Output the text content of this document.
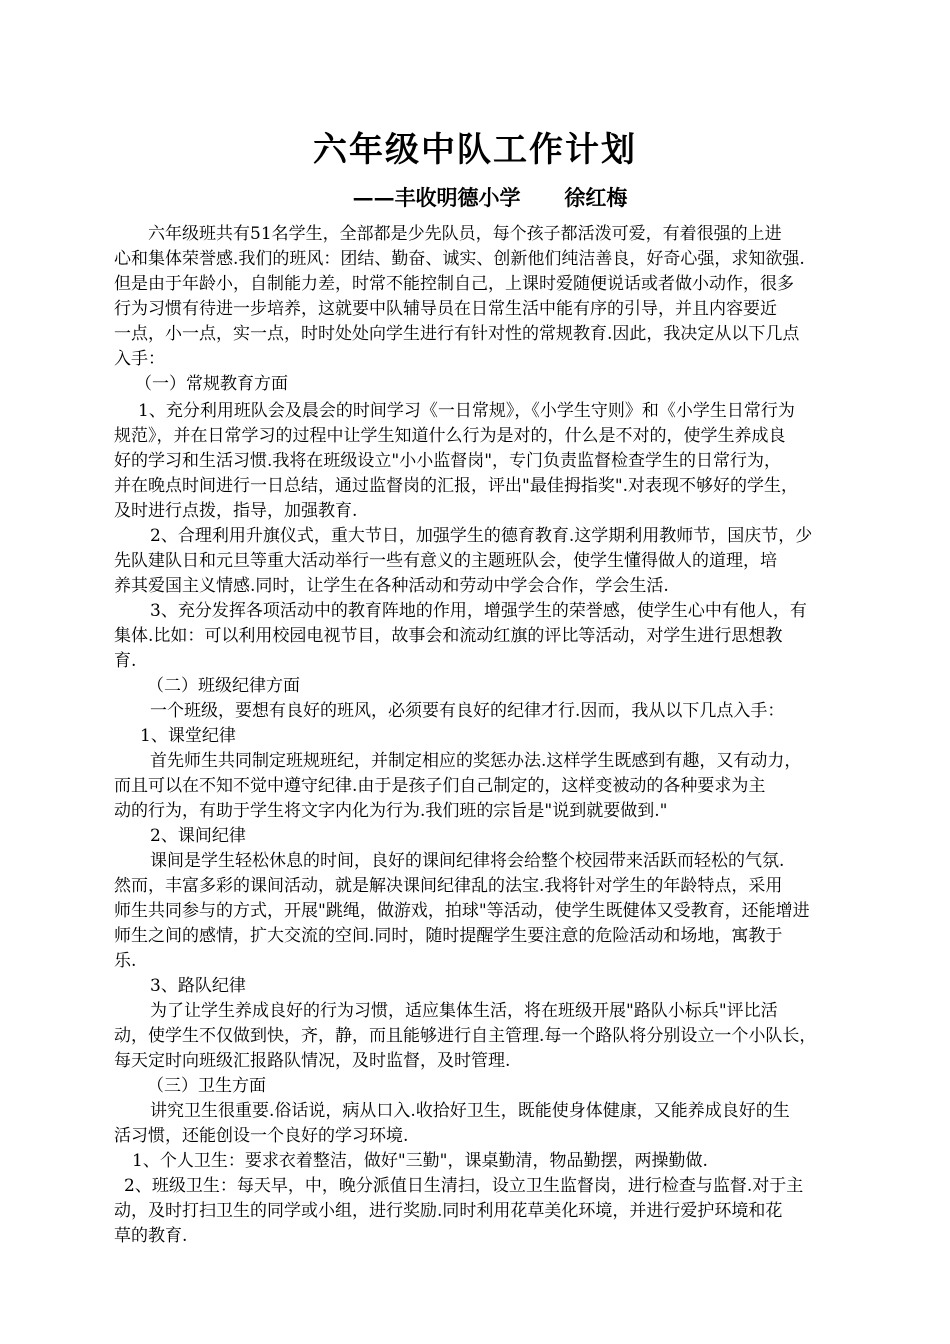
六年级中队工作计划
——丰收明德小学      徐红梅
六年级班共有51名学生，全部都是少先队员，每个孩子都活泼可爱，有着很强的上进
心和集体荣誉感.我们的班风：团结、勤奋、诚实、创新他们纯洁善良，好奇心强，求知欲强.
但是由于年龄小，自制能力差，时常不能控制自己，上课时爱随便说话或者做小动作，很多
行为习惯有待进一步培养，这就要中队辅导员在日常生活中能有序的引导，并且内容要近
一点，小一点，实一点，时时处处向学生进行有针对性的常规教育.因此，我决定从以下几点
入手：
（一）常规教育方面
1、充分利用班队会及晨会的时间学习《一日常规》，《小学生守则》和《小学生日常行为
规范》，并在日常学习的过程中让学生知道什么行为是对的，什么是不对的，使学生养成良
好的学习和生活习惯.我将在班级设立"小小监督岗"，专门负责监督检查学生的日常行为，
并在晚点时间进行一日总结，通过监督岗的汇报，评出"最佳拇指奖".对表现不够好的学生，
及时进行点拨，指导，加强教育.
2、合理利用升旗仪式，重大节日，加强学生的德育教育.这学期利用教师节，国庆节，少
先队建队日和元旦等重大活动举行一些有意义的主题班队会，使学生懂得做人的道理，培
养其爱国主义情感.同时，让学生在各种活动和劳动中学会合作，学会生活.
3、充分发挥各项活动中的教育阵地的作用，增强学生的荣誉感，使学生心中有他人，有
集体.比如：可以利用校园电视节目，故事会和流动红旗的评比等活动，对学生进行思想教
育.
（二）班级纪律方面
一个班级，要想有良好的班风，必须要有良好的纪律才行.因而，我从以下几点入手：
1、课堂纪律
首先师生共同制定班规班纪，并制定相应的奖惩办法.这样学生既感到有趣，又有动力，
而且可以在不知不觉中遵守纪律.由于是孩子们自己制定的，这样变被动的各种要求为主
动的行为，有助于学生将文字内化为行为.我们班的宗旨是"说到就要做到."
2、课间纪律
课间是学生轻松休息的时间，良好的课间纪律将会给整个校园带来活跃而轻松的气氛.
然而，丰富多彩的课间活动，就是解决课间纪律乱的法宝.我将针对学生的年龄特点，采用
师生共同参与的方式，开展"跳绳，做游戏，拍球"等活动，使学生既健体又受教育，还能增进
师生之间的感情，扩大交流的空间.同时，随时提醒学生要注意的危险活动和场地，寓教于
乐.
3、路队纪律
为了让学生养成良好的行为习惯，适应集体生活，将在班级开展"路队小标兵"评比活
动，使学生不仅做到快，齐，静，而且能够进行自主管理.每一个路队将分别设立一个小队长，
每天定时向班级汇报路队情况，及时监督，及时管理.
（三）卫生方面
讲究卫生很重要.俗话说，病从口入.收拾好卫生，既能使身体健康，又能养成良好的生
活习惯，还能创设一个良好的学习环境.
1、个人卫生：要求衣着整洁，做好"三勤"，课桌勤清，物品勤摆，两操勤做.
2、班级卫生：每天早，中，晚分派值日生清扫，设立卫生监督岗，进行检查与监督.对于主
动，及时打扫卫生的同学或小组，进行奖励.同时利用花草美化环境，并进行爱护环境和花
草的教育.
